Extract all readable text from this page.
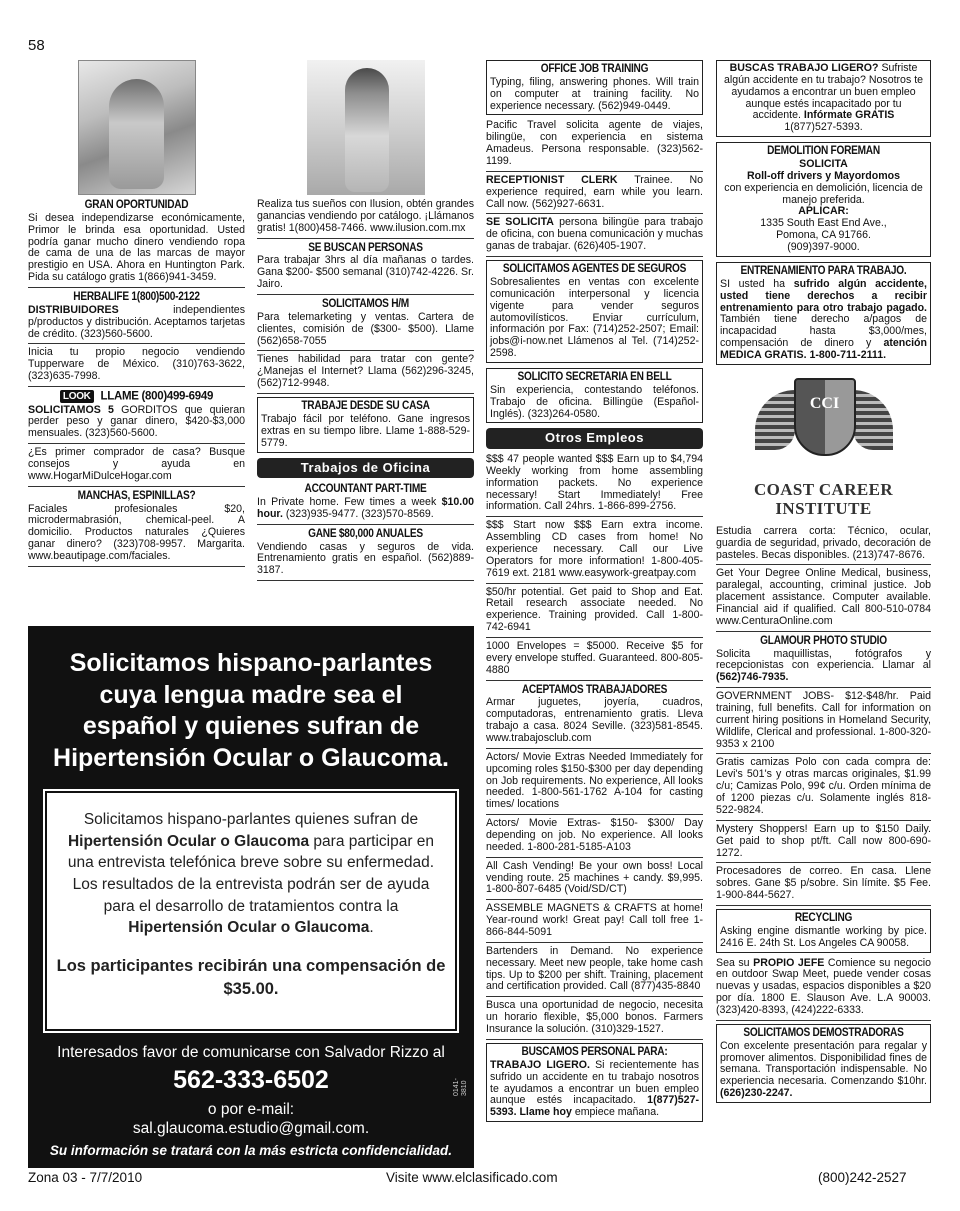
58
GRAN OPORTUNIDAD
Si desea independizarse económicamente, Primor le brinda esa oportunidad. Usted podría ganar mucho dinero vendiendo ropa de cama de una de las marcas de mayor prestigio en USA. Ahora en Huntington Park. Pida su catálogo gratis 1(866)941-3459.
HERBALIFE 1(800)500-2122
DISTRIBUIDORES	independientes p/productos y distribución. Aceptamos tarjetas de crédito. (323)560-5600.
Inicia tu propio negocio vendiendo Tupperware de México. (310)763-3622, (323)635-7998.
LOOK LLAME (800)499-6949
SOLICITAMOS 5 GORDITOS que quieran perder peso y ganar dinero, $420-$3,000 mensuales. (323)560-5600.
¿Es primer comprador de casa? Busque consejos y ayuda en www.HogarMiDulceHogar.com
MANCHAS, ESPINILLAS?
Faciales profesionales $20, microdermabrasión, chemical-peel. A domicilio. Productos naturales ¿Quieres ganar dinero? (323)708-9957. Margarita. www.beautipage.com/faciales.
Realiza tus sueños con Ilusion, obtén grandes ganancias vendiendo por catálogo. ¡Llámanos gratis! 1(800)458-7466. www.ilusion.com.mx
SE BUSCAN PERSONAS
Para trabajar 3hrs al día mañanas o tardes. Gana $200- $500 semanal (310)742-4226. Sr. Jairo.
SOLICITAMOS H/M
Para telemarketing y ventas. Cartera de clientes, comisión de ($300- $500). Llame (562)658-7055
Tienes habilidad para tratar con gente? ¿Manejas el Internet? Llama (562)296-3245, (562)712-9948.
TRABAJE DESDE SU CASA
Trabajo fácil por teléfono. Gane ingresos extras en su tiempo libre. Llame 1-888-529-5779.
Trabajos de Oficina
ACCOUNTANT PART-TIME
In Private home. Few times a week $10.00 hour. (323)935-9477. (323)570-8569.
GANE $80,000 ANUALES
Vendiendo casas y seguros de vida. Entrenamiento gratis en español. (562)889-3187.
Solicitamos hispano-parlantes
cuya lengua madre sea el
español y quienes sufran de
Hipertensión Ocular o Glaucoma.
Solicitamos hispano-parlantes quienes sufran de Hipertensión Ocular o Glaucoma para participar en una entrevista telefónica breve sobre su enfermedad. Los resultados de la entrevista podrán ser de ayuda para el desarrollo de tratamientos contra la Hipertensión Ocular o Glaucoma.
Los participantes recibirán una compensación de $35.00.
Interesados favor de comunicarse con Salvador Rizzo al
562-333-6502
o por e-mail:
sal.glaucoma.estudio@gmail.com.
Su información se tratará con la más estricta confidencialidad.
0141-3810
OFFICE JOB TRAINING
Typing, filing, answering phones. Will train on computer at training facility. No experience necessary. (562)949-0449.
Pacific Travel solicita agente de viajes, bilingüe, con experiencia en sistema Amadeus. Persona responsable. (323)562-1199.
RECEPTIONIST CLERK Trainee. No experience required, earn while you learn. Call now. (562)927-6631.
SE SOLICITA persona bilingüe para trabajo de oficina, con buena comunicación y muchas ganas de trabajar. (626)405-1907.
SOLICITAMOS AGENTES DE SEGUROS
Sobresalientes en ventas con excelente comunicación interpersonal y licencia vigente para vender seguros automovilísticos. Enviar currículum, información por Fax: (714)252-2507; Email: jobs@i-now.net Llámenos al Tel. (714)252-2598.
SOLICITO SECRETARIA EN BELL
Sin experiencia, contestando teléfonos. Trabajo de oficina. Billingüe (Español-Inglés). (323)264-0580.
Otros Empleos
$$$ 47 people wanted $$$ Earn up to $4,794 Weekly working from home assembling information packets. No experience necessary! Start Immediately! Free information. Call 24hrs. 1-866-899-2756.
$$$ Start now $$$ Earn extra income. Assembling CD cases from home! No experience necessary. Call our Live Operators for more information! 1-800-405-7619 ext. 2181 www.easywork-greatpay.com
$50/hr potential. Get paid to Shop and Eat. Retail research associate needed. No experience. Training provided. Call 1-800-742-6941
1000 Envelopes = $5000. Receive $5 for every envelope stuffed. Guaranteed. 800-805-4880
ACEPTAMOS TRABAJADORES
Armar juguetes, joyería, cuadros, computadoras, entrenamiento gratis. Lleva trabajo a casa. 8024 Seville. (323)581-8545. www.trabajosclub.com
Actors/ Movie Extras Needed Immediately for upcoming roles $150-$300 per day depending on Job requirements. No experience, All looks needed. 1-800-561-1762 A-104 for casting times/ locations
Actors/ Movie Extras- $150- $300/ Day depending on job. No experience. All looks needed. 1-800-281-5185-A103
All Cash Vending! Be your own boss! Local vending route. 25 machines + candy. $9,995. 1-800-807-6485 (Void/SD/CT)
ASSEMBLE MAGNETS & CRAFTS at home! Year-round work! Great pay! Call toll free 1-866-844-5091
Bartenders in Demand. No experience necessary. Meet new people, take home cash tips. Up to $200 per shift. Training, placement and certification provided. Call (877)435-8840
Busca una oportunidad de negocio, necesita un horario flexible, $5,000 bonos. Farmers Insurance la solución. (310)329-1527.
BUSCAMOS PERSONAL PARA:
TRABAJO LIGERO. Si recientemente has sufrido un accidente en tu trabajo nosotros te ayudamos a encontrar un buen empleo aunque estés incapacitado. 1(877)527-5393. Llame hoy empiece mañana.
BUSCAS TRABAJO LIGERO? Sufriste algún accidente en tu trabajo? Nosotros te ayudamos a encontrar un buen empleo aunque estés incapacitado por tu accidente. Infórmate GRATIS
1(877)527-5393.
DEMOLITION FOREMAN
SOLICITA
Roll-off drivers y Mayordomos
con experiencia en demolición, licencia de manejo preferida.
APLICAR:
1335 South East End Ave.,
Pomona, CA 91766.
(909)397-9000.
ENTRENAMIENTO PARA TRABAJO.
SI usted ha sufrido algún accidente, usted tiene derechos a recibir entrenamiento para otro trabajo pagado. También tiene derecho a/pagos de incapacidad hasta $3,000/mes, compensación de dinero y atención MEDICA GRATIS. 1-800-711-2111.
CCI
COAST CAREER INSTITUTE
Estudia carrera corta: Técnico, ocular, guardia de seguridad, privado, decoración de pasteles. Becas disponibles. (213)747-8676.
Get Your Degree Online Medical, business, paralegal, accounting, criminal justice. Job placement assistance. Computer available. Financial aid if qualified. Call 800-510-0784 www.CenturaOnline.com
GLAMOUR PHOTO STUDIO
Solicita maquillistas, fotógrafos y recepcionistas con experiencia. Llamar al (562)746-7935.
GOVERNMENT JOBS- $12-$48/hr. Paid training, full benefits. Call for information on current hiring positions in Homeland Security, Wildlife, Clerical and professional. 1-800-320-9353 x 2100
Gratis camizas Polo con cada compra de: Levi's 501's y otras marcas originales, $1.99 c/u; Camizas Polo, 99¢ c/u. Orden mínima de of 1200 piezas c/u. Solamente inglés 818-522-9824.
Mystery Shoppers! Earn up to $150 Daily. Get paid to shop pt/ft. Call now 800-690-1272.
Procesadores de correo. En casa. Llene sobres. Gane $5 p/sobre. Sin límite. $5 Fee. 1-900-844-5627.
RECYCLING
Asking engine dismantle working by pice. 2416 E. 24th St. Los Angeles CA 90058.
Sea su PROPIO JEFE Comience su negocio en outdoor Swap Meet, puede vender cosas nuevas y usadas, espacios disponibles a $20 por día. 1800 E. Slauson Ave. L.A 90003. (323)420-8393, (424)222-6333.
SOLICITAMOS DEMOSTRADORAS
Con excelente presentación para regalar y promover alimentos. Disponibilidad fines de semana. Transportación indispensable. No experiencia necesaria. Comenzando $10hr. (626)230-2247.
Zona 03 - 7/7/2010	Visite www.elclasificado.com	(800)242-2527
